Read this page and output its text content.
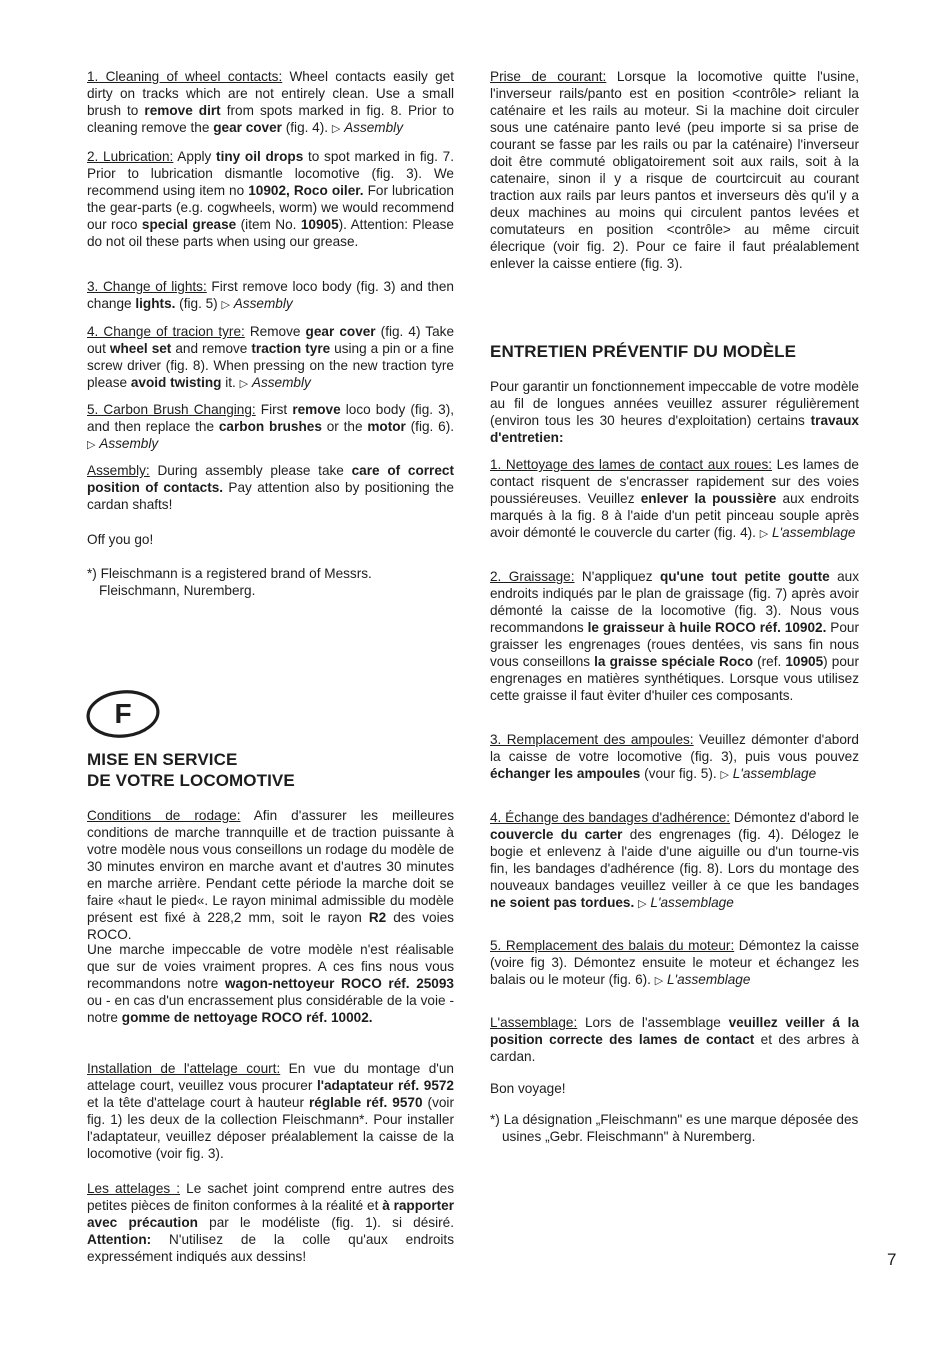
1. Cleaning of wheel contacts: Wheel contacts easily get dirty on tracks which are not entirely clean. Use a small brush to remove dirt from spots marked in fig. 8. Prior to cleaning remove the gear cover (fig. 4). ▷ Assembly

2. Lubrication: Apply tiny oil drops to spot marked in fig. 7. Prior to lubrication dismantle locomotive (fig. 3). We recommend using item no 10902, Roco oiler. For lubrication the gear-parts (e.g. cogwheels, worm) we would recommend our roco special grease (item No. 10905). Attention: Please do not oil these parts when using our grease.

3. Change of lights: First remove loco body (fig. 3) and then change lights. (fig. 5) ▷ Assembly

4. Change of tracion tyre: Remove gear cover (fig. 4) Take out wheel set and remove traction tyre using a pin or a fine screw driver (fig. 8). When pressing on the new traction tyre please avoid twisting it. ▷ Assembly

5. Carbon Brush Changing: First remove loco body (fig. 3), and then replace the carbon brushes or the motor (fig. 6). ▷ Assembly

Assembly: During assembly please take care of correct position of contacts. Pay attention also by positioning the cardan shafts!

Off you go!

*) Fleischmann is a registered brand of Messrs. Fleischmann, Nuremberg.

MISE EN SERVICE

DE VOTRE LOCOMOTIVE

Conditions de rodage: Afin d'assurer les meilleures conditions de marche trannquille et de traction puissante à votre modèle nous vous conseillons un rodage du modèle de 30 minutes environ en marche avant et d'autres 30 minutes en marche arrière. Pendant cette période la marche doit se faire «haut le pied«. Le rayon minimal admissible du modèle présent est fixé à 228,2 mm, soit le rayon R2 des voies ROCO.

Une marche impeccable de votre modèle n'est réalisable que sur de voies vraiment propres. A ces fins nous vous recommandons notre wagon-nettoyeur ROCO réf. 25093 ou - en cas d'un encrassement plus considérable de la voie - notre gomme de nettoyage ROCO réf. 10002.

Installation de l'attelage court: En vue du montage d'un attelage court, veuillez vous procurer l'adaptateur réf. 9572 et la tête d'attelage court à hauteur réglable réf. 9570 (voir fig. 1) les deux de la collection Fleischmann*. Pour installer l'adaptateur, veuillez déposer préalablement la caisse de la locomotive (voir fig. 3).

Les attelages : Le sachet joint comprend entre autres des petites pièces de finiton conformes à la réalité et à rapporter avec précaution par le modéliste (fig. 1). si désiré. Attention: N'utilisez de la colle qu'aux endroits expressément indiqués aux dessins!

F

Prise de courant: Lorsque la locomotive quitte l'usine, l'inverseur rails/panto est en position <contrôle> reliant la caténaire et les rails au moteur. Si la machine doit circuler sous une caténaire panto levé (peu importe si sa prise de courant se fasse par les rails ou par la caténaire) l'inverseur doit être commuté obligatoirement soit aux rails, soit à la catenaire, sinon il y a risque de courtcircuit au courant traction aux rails par leurs pantos et inverseurs dès qu'il y a deux machines au moins qui circulent pantos levées et comutateurs en position <contrôle> au même circuit élecrique (voir fig. 2). Pour ce faire il faut préalablement enlever la caisse entiere (fig. 3).

ENTRETIEN PRÉVENTIF DU MODÈLE

Pour garantir un fonctionnement impeccable de votre modèle au fil de longues années veuillez assurer régulièrement (environ tous les 30 heures d'exploitation) certains travaux d'entretien:

1. Nettoyage des lames de contact aux roues: Les lames de contact risquent de s'encrasser rapidement sur des voies poussiéreuses. Veuillez enlever la poussière aux endroits marqués à la fig. 8 à l'aide d'un petit pinceau souple après avoir démonté le couvercle du carter (fig. 4). ▷ L'assemblage

2. Graissage: N'appliquez qu'une tout petite goutte aux endroits indiqués par le plan de graissage (fig. 7) après avoir démonté la caisse de la locomotive (fig. 3). Nous vous recommandons le graisseur à huile ROCO réf. 10902. Pour graisser les engrenages (roues dentées, vis sans fin nous vous conseillons la graisse spéciale Roco (ref. 10905) pour engrenages en matières synthétiques. Lorsque vous utilisez cette graisse il faut èviter d'huiler ces composants.

3. Remplacement des ampoules: Veuillez démonter d'abord la caisse de votre locomotive (fig. 3), puis vous pouvez échanger les ampoules (vour fig. 5). ▷ L'assemblage

4. Échange des bandages d'adhérence: Démontez d'abord le couvercle du carter des engrenages (fig. 4). Délogez le bogie et enlevenz à l'aide d'une aiguille ou d'un tourne-vis fin, les bandages d'adhérence (fig. 8). Lors du montage des nouveaux bandages veuillez veiller à ce que les bandages ne soient pas tordues. ▷ L'assemblage

5. Remplacement des balais du moteur: Démontez la caisse (voire fig 3). Démontez ensuite le moteur et échangez les balais ou le moteur (fig. 6). ▷ L'assemblage

L'assemblage: Lors de l'assemblage veuillez veiller á la position correcte des lames de contact et des arbres à cardan.

Bon voyage!

*) La désignation „Fleischmann" es une marque déposée des usines „Gebr. Fleischmann" à Nuremberg.

7
